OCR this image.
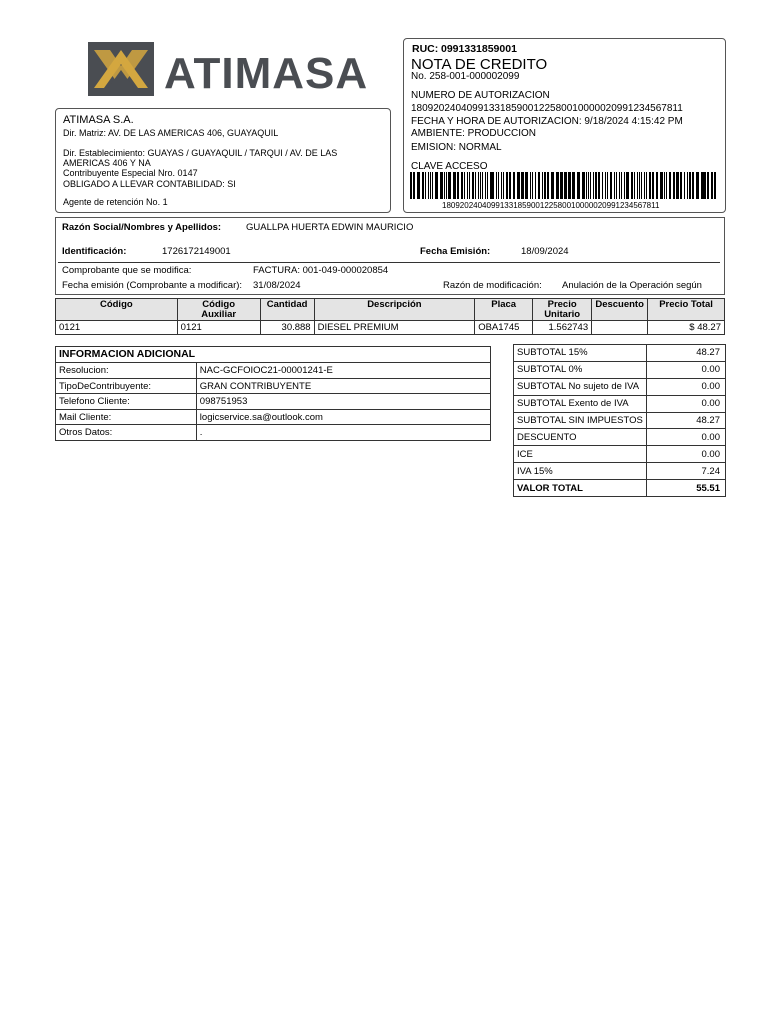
ATIMASA	RUC: 0991331859001
NOTA DE CREDITO
No. 258-001-000002099
NUMERO DE AUTORIZACION
1809202404099133185900122580010000020991234567811
FECHA Y HORA DE AUTORIZACION: 9/18/2024 4:15:42 PM
AMBIENTE: PRODUCCION
EMISION: NORMAL
CLAVE ACCESO
1809202404099133185900122580010000020991234567811
ATIMASA S.A.
Dir. Matriz: AV. DE LAS AMERICAS 406, GUAYAQUIL
Dir. Establecimiento: GUAYAS / GUAYAQUIL / TARQUI / AV. DE LAS
AMERICAS 406 Y NA
Contribuyente Especial Nro. 0147
OBLIGADO A LLEVAR CONTABILIDAD: SI
Agente de retención No. 1
Razón Social/Nombres y Apellidos:	GUALLPA HUERTA EDWIN MAURICIO
Identificación:	1726172149001	Fecha Emisión:	18/09/2024
Comprobante que se modifica:	FACTURA: 001-049-000020854
Fecha emisión (Comprobante a modificar): 31/08/2024	Razón de modificación: Anulación de la Operación según
Código	Código Auxiliar	Cantidad	Descripción	Placa	Precio Unitario	Descuento	Precio Total
0121	0121	30.888	DIESEL PREMIUM	OBA1745	1.562743		$ 48.27
INFORMACION ADICIONAL	
Resolucion:	NAC-GCFOIOC21-00001241-E
TipoDeContribuyente:	GRAN CONTRIBUYENTE
Telefono Cliente:	098751953
Mail Cliente:	logicservice.sa@outlook.com
Otros Datos:	.
SUBTOTAL 15%	48.27
SUBTOTAL 0%	0.00
SUBTOTAL No sujeto de IVA	0.00
SUBTOTAL Exento de IVA	0.00
SUBTOTAL SIN IMPUESTOS	48.27
DESCUENTO	0.00
ICE	0.00
IVA 15%	7.24
VALOR TOTAL	55.51
